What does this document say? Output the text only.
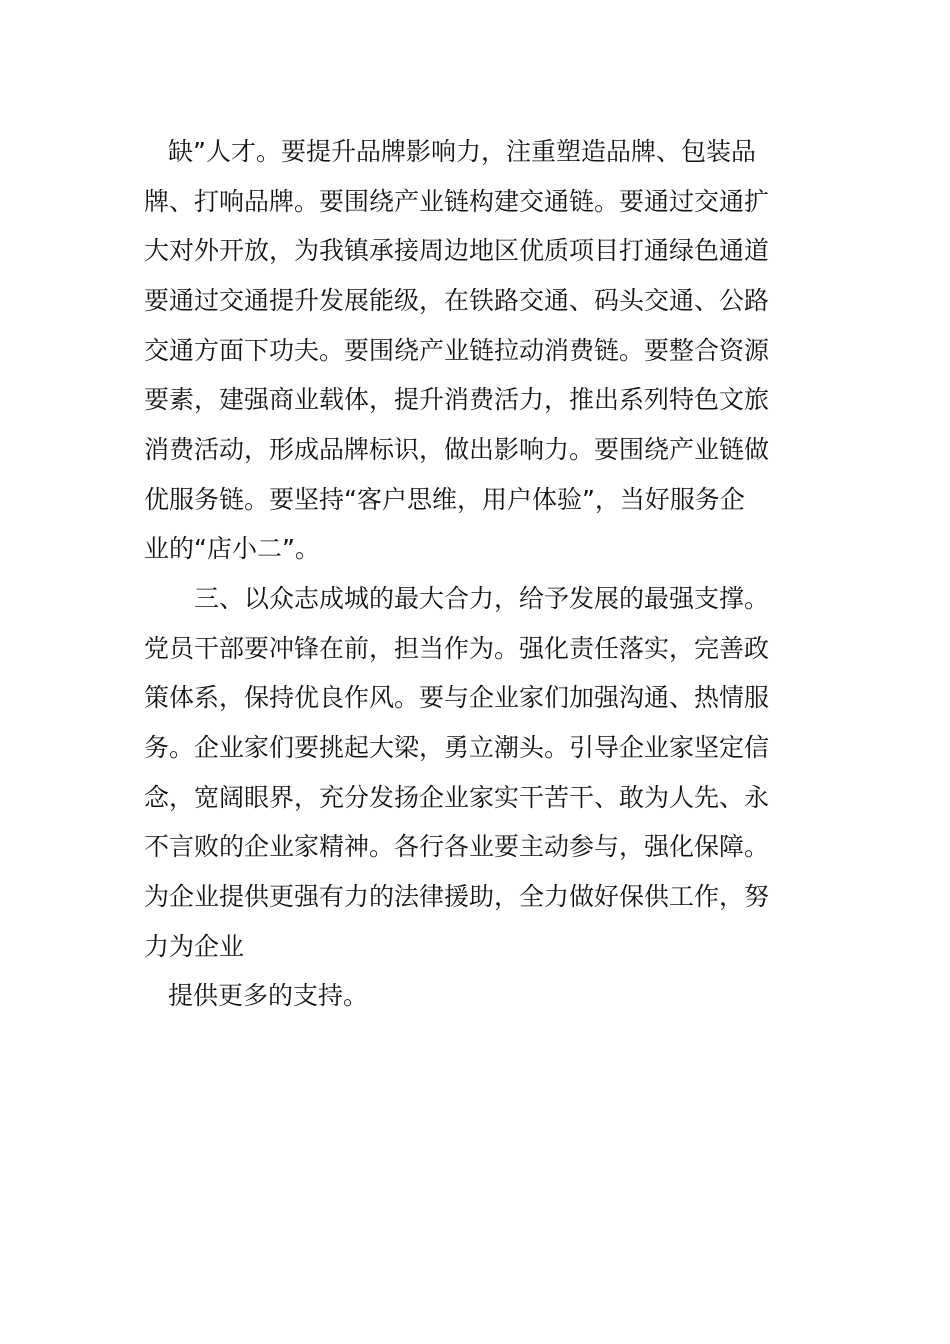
缺”人才。要提升品牌影响力，注重塑造品牌、包装品
牌、打响品牌。要围绕产业链构建交通链。要通过交通扩
大对外开放，为我镇承接周边地区优质项目打通绿色通道
要通过交通提升发展能级，在铁路交通、码头交通、公路
交通方面下功夫。要围绕产业链拉动消费链。要整合资源
要素，建强商业载体，提升消费活力，推出系列特色文旅
消费活动，形成品牌标识，做出影响力。要围绕产业链做
优服务链。要坚持“客户思维，用户体验”，当好服务企
业的“店小二”。
三、以众志成城的最大合力，给予发展的最强支撑。
党员干部要冲锋在前，担当作为。强化责任落实，完善政
策体系，保持优良作风。要与企业家们加强沟通、热情服
务。企业家们要挑起大梁，勇立潮头。引导企业家坚定信
念，宽阔眼界，充分发扬企业家实干苦干、敢为人先、永
不言败的企业家精神。各行各业要主动参与，强化保障。
为企业提供更强有力的法律援助，全力做好保供工作，努
力为企业
提供更多的支持。
